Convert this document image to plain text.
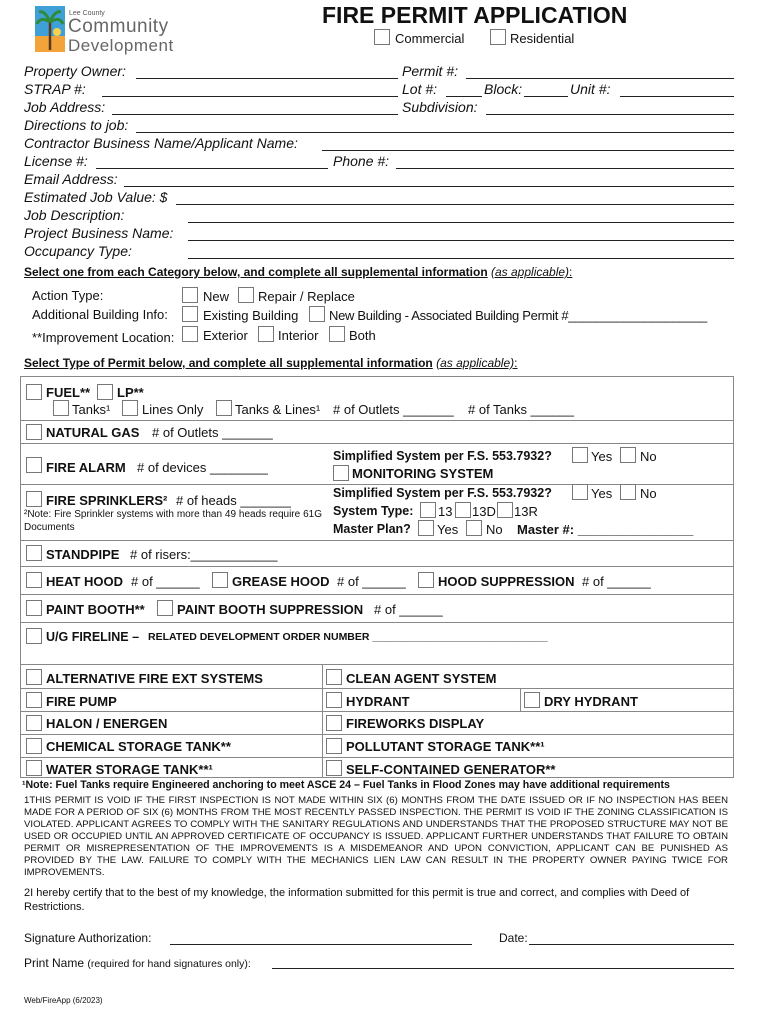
Lee County
Community
Development
FIRE PERMIT APPLICATION
Commercial	Residential
Property Owner:	Permit #:
STRAP #:	Lot #:	Block:	Unit #:
Job Address:	Subdivision:
Directions to job:
Contractor Business Name/Applicant Name:
License #:	Phone #:
Email Address:
Estimated Job Value: $
Job Description:
Project Business Name:
Occupancy Type:
Select one from each Category below, and complete all supplemental information (as applicable):
Action Type:	New Repair / Replace
Additional Building Info:	Existing Building New Building - Associated Building Permit #____________________
**Improvement Location: Exterior Interior Both
Select Type of Permit below, and complete all supplemental information (as applicable):
FUEL** LP**
Tanks¹ Lines Only Tanks & Lines¹ # of Outlets _______ # of Tanks ______
NATURAL GAS # of Outlets _______
FIRE ALARM # of devices ________
Simplified System per F.S. 553.7932?	Yes No
MONITORING SYSTEM
FIRE SPRINKLERS² # of heads _______
²Note: Fire Sprinkler systems with more than 49 heads require 61G Documents
Simplified System per F.S. 553.7932?	Yes No
System Type: 13 13D 13R
Master Plan? Yes No Master #: ________________
STANDPIPE # of risers:____________
HEAT HOOD # of ______ GREASE HOOD # of ______ HOOD SUPPRESSION # of ______
PAINT BOOTH** PAINT BOOTH SUPPRESSION # of ______
U/G FIRELINE – RELATED DEVELOPMENT ORDER NUMBER ______________________________
ALTERNATIVE FIRE EXT SYSTEMS	CLEAN AGENT SYSTEM
FIRE PUMP	HYDRANT	DRY HYDRANT
HALON / ENERGEN	FIREWORKS DISPLAY
CHEMICAL STORAGE TANK**	POLLUTANT STORAGE TANK**¹
WATER STORAGE TANK**¹	SELF-CONTAINED GENERATOR**
¹Note: Fuel Tanks require Engineered anchoring to meet ASCE 24 – Fuel Tanks in Flood Zones may have additional requirements
1THIS PERMIT IS VOID IF THE FIRST INSPECTION IS NOT MADE WITHIN SIX (6) MONTHS FROM THE DATE ISSUED OR IF NO INSPECTION HAS BEEN MADE FOR A PERIOD OF SIX (6) MONTHS FROM THE MOST RECENTLY PASSED INSPECTION. THE PERMIT IS VOID IF THE ZONING CLASSIFICATION IS VIOLATED. APPLICANT AGREES TO COMPLY WITH THE SANITARY REGULATIONS AND UNDERSTANDS THAT THE PROPOSED STRUCTURE MAY NOT BE USED OR OCCUPIED UNTIL AN APPROVED CERTIFICATE OF OCCUPANCY IS ISSUED. APPLICANT FURTHER UNDERSTANDS THAT FAILURE TO OBTAIN PERMIT OR MISREPRESENTATION OF THE IMPROVEMENTS IS A MISDEMEANOR AND UPON CONVICTION, APPLICANT CAN BE PUNISHED AS PROVIDED BY THE LAW. FAILURE TO COMPLY WITH THE MECHANICS LIEN LAW CAN RESULT IN THE PROPERTY OWNER PAYING TWICE FOR IMPROVEMENTS.
2I hereby certify that to the best of my knowledge, the information submitted for this permit is true and correct, and complies with Deed of Restrictions.
Signature Authorization:	Date:
Print Name (required for hand signatures only):
Web/FireApp (6/2023)
